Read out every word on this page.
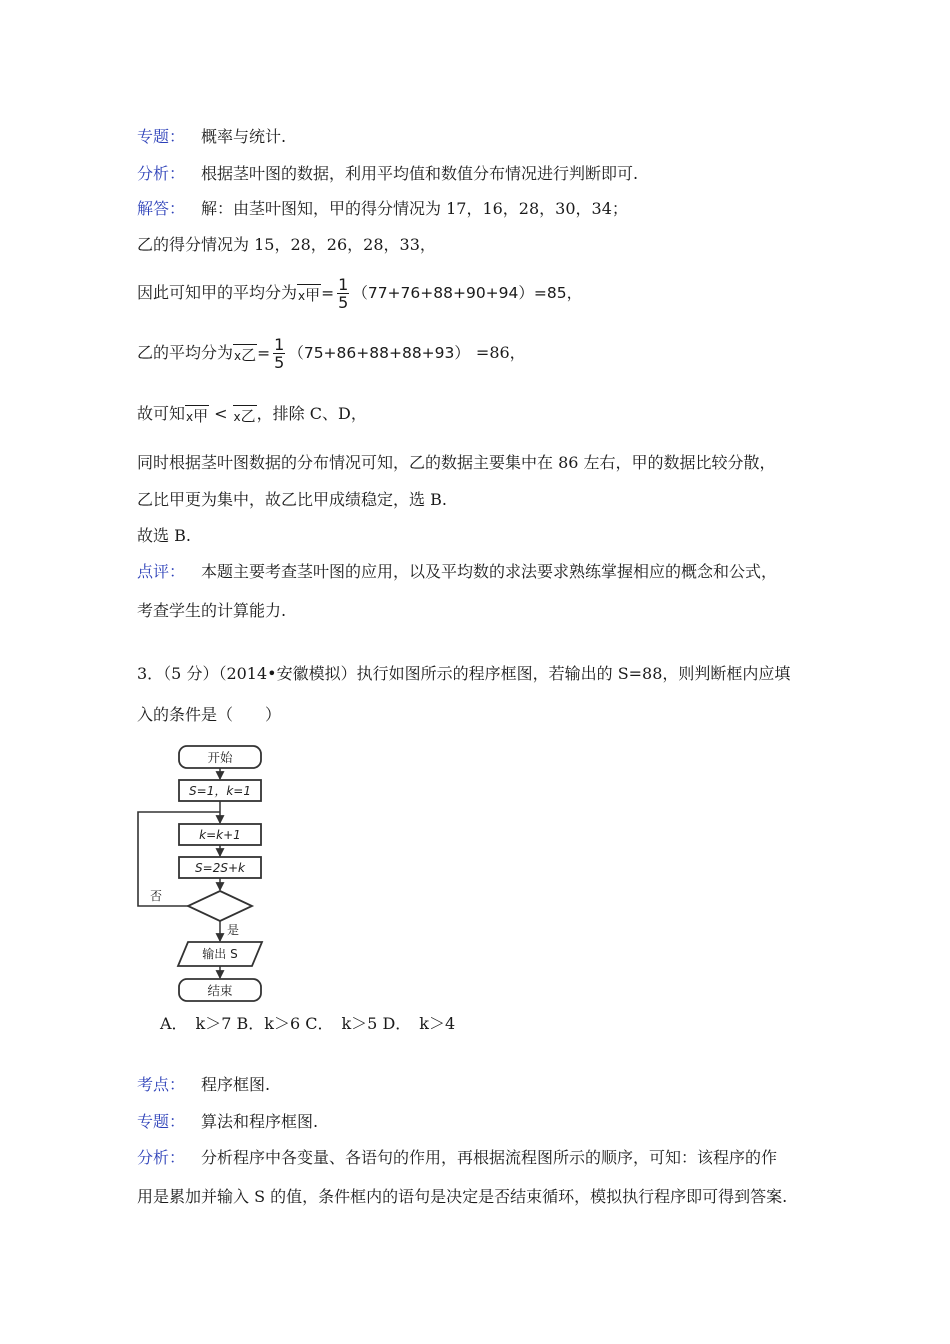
专题： 概率与统计.
分析： 根据茎叶图的数据，利用平均值和数值分布情况进行判断即可.
解答： 解：由茎叶图知，甲的得分情况为 17，16，28，30，34；
乙的得分情况为 15，28，26，28，33，
因此可知甲的平均分为x甲= $\frac{1}{5} (77+76+88+90+94)=85$，
乙的平均分为x乙= $\frac{1}{5} (75+86+88+88+93) =86$，
故可知x甲 < x乙，排除 C、D，
同时根据茎叶图数据的分布情况可知，乙的数据主要集中在 86 左右，甲的数据比较分散，
乙比甲更为集中，故乙比甲成绩稳定，选 B.
故选 B.
点评： 本题主要考查茎叶图的应用，以及平均数的求法要求熟练掌握相应的概念和公式，
考查学生的计算能力.
3．（5 分）（2014•安徽模拟）执行如图所示的程序框图，若输出的 S=88，则判断框内应填
入的条件是（　　）
开始
S=1，k=1
k=k+1
S=2S+k
否
是
输出 S
结束
A．　k＞7 B．k＞6 C．　k＞5 D．　k＞4
考点： 程序框图.
专题： 算法和程序框图.
分析： 分析程序中各变量、各语句的作用，再根据流程图所示的顺序，可知：该程序的作
用是累加并输入 S 的值，条件框内的语句是决定是否结束循环，模拟执行程序即可得到答案.
